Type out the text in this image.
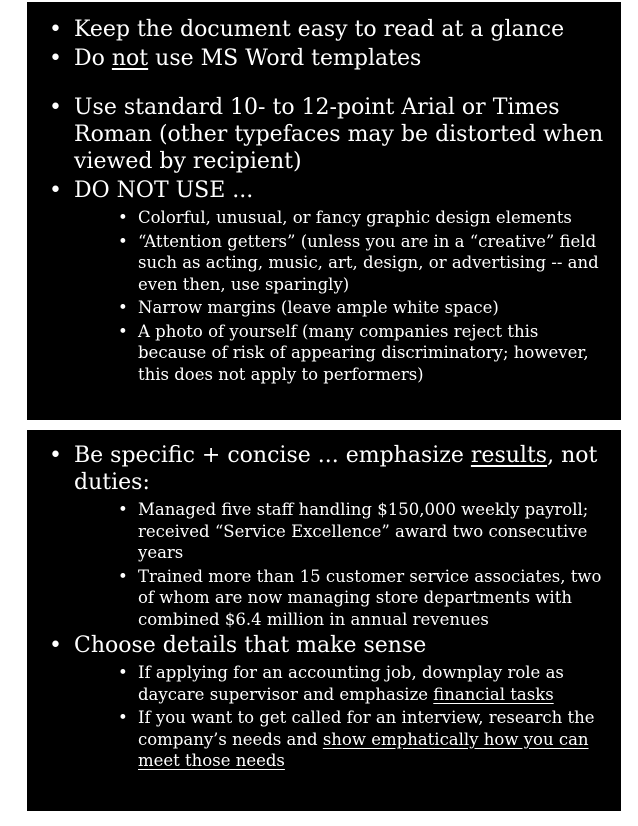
• Keep the document easy to read at a glance
• Do not use MS Word templates
• Use standard 10- to 12-point Arial or Times Roman (other typefaces may be distorted when viewed by recipient)
• DO NOT USE ...
• Colorful, unusual, or fancy graphic design elements
• “Attention getters” (unless you are in a “creative” field such as acting, music, art, design, or advertising -- and even then, use sparingly)
• Narrow margins (leave ample white space)
• A photo of yourself (many companies reject this because of risk of appearing discriminatory; however, this does not apply to performers)
• Be specific + concise ... emphasize results, not duties:
• Managed five staff handling $150,000 weekly payroll; received “Service Excellence” award two consecutive years
• Trained more than 15 customer service associates, two of whom are now managing store departments with combined $6.4 million in annual revenues
• Choose details that make sense
• If applying for an accounting job, downplay role as daycare supervisor and emphasize financial tasks
• If you want to get called for an interview, research the company’s needs and show emphatically how you can meet those needs
